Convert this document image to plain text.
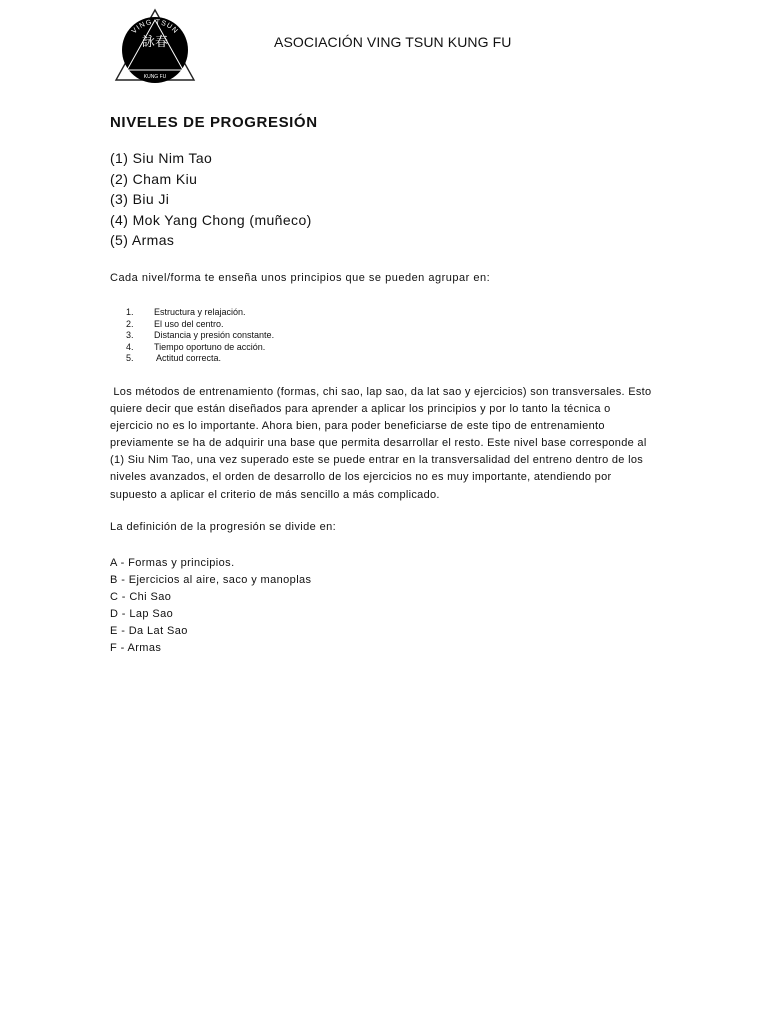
VING TSUN
詠春
KUNG FU
ASOCIACIÓN VING TSUN KUNG FU
NIVELES DE PROGRESIÓN
(1) Siu Nim Tao
(2) Cham Kiu
(3) Biu Ji
(4) Mok Yang Chong (muñeco)
(5) Armas

Cada nivel/forma te enseña unos principios que se pueden agrupar en:

1. Estructura y relajación.
2. El uso del centro.
3. Distancia y presión constante.
4. Tiempo oportuno de acción.
5. Actitud correcta.

Los métodos de entrenamiento (formas, chi sao, lap sao, da lat sao y ejercicios) son transversales. Esto quiere decir que están diseñados para aprender a aplicar los principios y por lo tanto la técnica o ejercicio no es lo importante. Ahora bien, para poder beneficiarse de este tipo de entrenamiento previamente se ha de adquirir una base que permita desarrollar el resto. Este nivel base corresponde al (1) Siu Nim Tao, una vez superado este se puede entrar en la transversalidad del entreno dentro de los niveles avanzados, el orden de desarrollo de los ejercicios no es muy importante, atendiendo por supuesto a aplicar el criterio de más sencillo a más complicado.

La definición de la progresión se divide en:

A - Formas y principios.
B - Ejercicios al aire, saco y manoplas
C - Chi Sao
D - Lap Sao
E - Da Lat Sao
F - Armas
